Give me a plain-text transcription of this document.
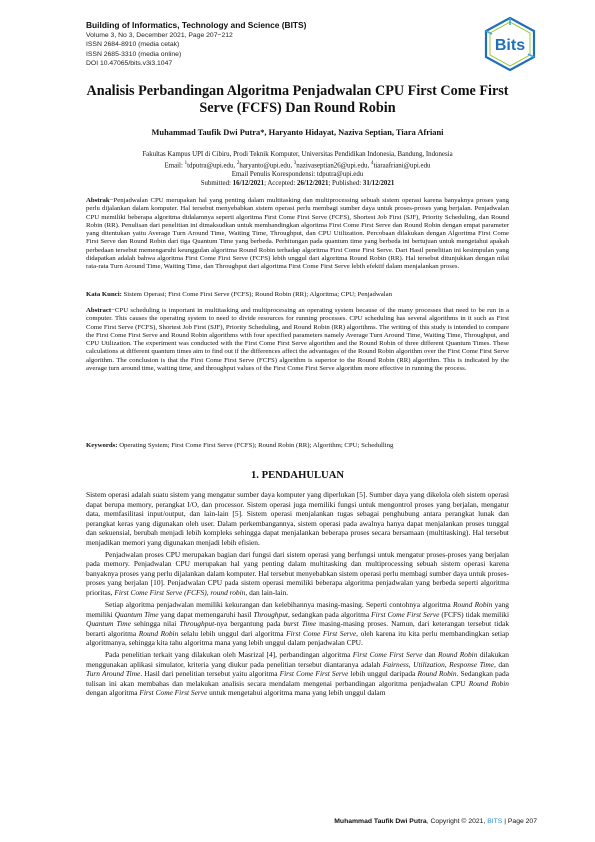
Building of Informatics, Technology and Science (BITS)
Volume 3, No 3, December 2021, Page 207−212
ISSN 2684-8910 (media cetak)
ISSN 2685-3310 (media online)
DOI 10.47065/bits.v3i3.1047
Bits
Analisis Perbandingan Algoritma Penjadwalan CPU First Come First Serve (FCFS) Dan Round Robin
Muhammad Taufik Dwi Putra*, Haryanto Hidayat, Naziva Septian, Tiara Afriani
Fakultas Kampus UPI di Cibiru, Prodi Teknik Komputer, Universitas Pendidikan Indonesia, Bandung, Indonesia
Email: $^1$tdputra@upi.edu, $^2$haryanto@upi.edu, $^3$nazivaseptian26@upi.edu, $^4$tiaraafriani@upi.edu
Email Penulis Korespondensi: tdputra@upi.edu
Submitted: 16/12/2021; Accepted: 26/12/2021; Published: 31/12/2021
Abstrak−Penjadwalan CPU merupakan hal yang penting dalam multitasking dan multiprocessing sebuah sistem operasi karena banyaknya proses yang perlu dijalankan dalam komputer. Hal tersebut menyebabkan sistem operasi perlu membagi sumber daya untuk proses-proses yang berjalan. Penjadwalan CPU memiliki beberapa algoritma didalamnya seperti algoritma First Come First Serve (FCFS), Shortest Job First (SJF), Priority Scheduling, dan Round Robin (RR). Penulisan dari penelitian ini dimaksudkan untuk membandingkan algoritma First Come First Serve dan Round Robin dengan empat parameter yang ditentukan yaitu Average Turn Around Time, Waiting Time, Throughput, dan CPU Utilization. Percobaan dilakukan dengan Algoritma First Come First Serve dan Round Robin dari tiga Quantum Time yang berbeda. Perhitungan pada quantum time yang berbeda ini bertujuan untuk mengetahui apakah perbedaan tersebut memengaruhi keunggulan algoritma Round Robin terhadap algoritma First Come First Serve. Dari Hasil penelitian ini kesimpulan yang didapatkan adalah bahwa algoritma First Come First Serve (FCFS) lebih unggul dari algoritma Round Robin (RR). Hal tersebut ditunjukkan dengan nilai rata-rata Turn Around Time, Waiting Time, dan Throughput dari algoritma First Come First Serve lebih efektif dalam menjalankan proses.
Kata Kunci: Sistem Operasi; First Come First Serve (FCFS); Round Robin (RR); Algoritma; CPU; Penjadwalan
Abstract−CPU scheduling is important in multitasking and multiprocessing an operating system because of the many processes that need to be run in a computer. This causes the operating system to need to divide resources for running processes. CPU scheduling has several algorithms in it such as First Come First Serve (FCFS), Shortest Job First (SJF), Priority Scheduling, and Round Robin (RR) algorithms. The writing of this study is intended to compare the First Come First Serve and Round Robin algorithms with four specified parameters namely Average Turn Around Time, Waiting Time, Throughput, and CPU Utilization. The experiment was conducted with the First Come First Serve algorithm and the Round Robin of three different Quantum Times. These calculations at different quantum times aim to find out if the differences affect the advantages of the Round Robin algorithm over the First Come First Serve algorithm. The conclusion is that the First Come First Serve (FCFS) algorithm is superior to the Round Robin (RR) algorithm. This is indicated by the average turn around time, waiting time, and throughput values of the First Come First Serve algorithm more effective in running the process.
Keywords: Operating System; First Come First Serve (FCFS); Round Robin (RR); Algorithm; CPU; Schedulling
1. PENDAHULUAN

Sistem operasi adalah suatu sistem yang mengatur sumber daya komputer yang diperlukan [5]. Sumber daya yang dikelola oleh sistem operasi dapat berupa memory, perangkat I/O, dan processor. Sistem operasi juga memiliki fungsi untuk mengontrol proses yang berjalan, mengatur data, memfasilitasi input/output, dan lain-lain [5]. Sistem operasi menjalankan tugas sebagai penghubung antara perangkat lunak dan perangkat keras yang digunakan oleh user. Dalam perkembangannya, sistem operasi pada awalnya hanya dapat menjalankan proses tunggal dan sekuensial, berubah menjadi lebih kompleks sehingga dapat menjalankan beberapa proses secara bersamaan (multitasking). Hal tersebut menjadikan memori yang digunakan menjadi lebih efisien.

Penjadwalan proses CPU merupakan bagian dari fungsi dari sistem operasi yang berfungsi untuk mengatur proses-proses yang berjalan pada memory. Penjadwalan CPU merupakan hal yang penting dalam multitasking dan multiprocessing sebuah sistem operasi karena banyaknya proses yang perlu dijalankan dalam komputer. Hal tersebut menyebabkan sistem operasi perlu membagi sumber daya untuk proses-proses yang berjalan [10]. Penjadwalan CPU pada sistem operasi memiliki beberapa algoritma penjadwalan yang berbeda seperti algoritma prioritas, First Come First Serve (FCFS), round robin, dan lain-lain.

Setiap algoritma penjadwalan memiliki kekurangan dan kelebihannya masing-masing. Seperti contohnya algoritma Round Robin yang memiliki Quantum Time yang dapat memengaruhi hasil Throughput, sedangkan pada algoritma First Come First Serve (FCFS) tidak memiliki Quantum Time sehingga nilai Throughput-nya bergantung pada burst Time masing-masing proses. Namun, dari keterangan tersebut tidak berarti algoritma Round Robin selalu lebih unggul dari algoritma First Come First Serve, oleh karena itu kita perlu membandingkan setiap algoritmanya, sehingga kita tahu algoritma mana yang lebih unggul dalam penjadwalan CPU.

Pada penelitian terkait yang dilakukan oleh Masrizal [4], perbandingan algoritma First Come First Serve dan Round Robin dilakukan menggunakan aplikasi simulator, kriteria yang diukur pada penelitian tersebut diantaranya adalah Fairness, Utilization, Response Time, dan Turn Around Time. Hasil dari penelitian tersebut yaitu algoritma First Come First Serve lebih unggul daripada Round Robin. Sedangkan pada tulisan ini akan membahas dan melakukan analisis secara mendalam mengenai perbandingan algoritma penjadwalan CPU Round Robin dengan algoritma First Come First Serve untuk mengetahui algoritma mana yang lebih unggul dalam

Muhammad Taufik Dwi Putra, Copyright © 2021, BITS | Page 207
